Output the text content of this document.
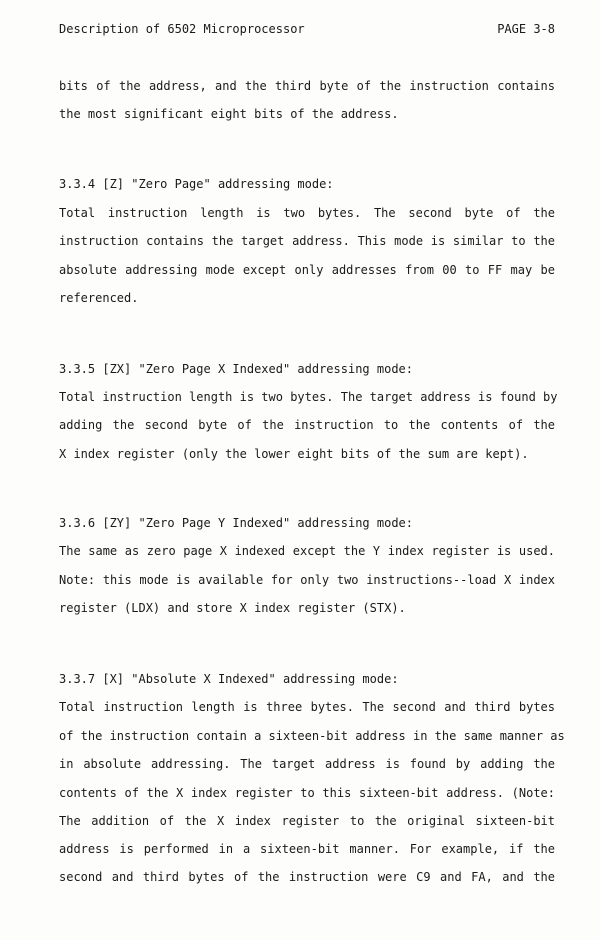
Description of 6502 Microprocessor	PAGE 3-8
bits of the address, and the third byte of the instruction contains
the most significant eight bits of the address.
3.3.4 [Z] "Zero Page" addressing mode:
Total instruction length is two bytes. The second byte of the
instruction contains the target address. This mode is similar to the
absolute addressing mode except only addresses from 00 to FF may be
referenced.
3.3.5 [ZX] "Zero Page X Indexed" addressing mode:
Total instruction length is two bytes. The target address is found by
adding the second byte of the instruction to the contents of the
X index register (only the lower eight bits of the sum are kept).
3.3.6 [ZY] "Zero Page Y Indexed" addressing mode:
The same as zero page X indexed except the Y index register is used.
Note: this mode is available for only two instructions--load X index
register (LDX) and store X index register (STX).
3.3.7 [X] "Absolute X Indexed" addressing mode:
Total instruction length is three bytes. The second and third bytes
of the instruction contain a sixteen-bit address in the same manner as
in absolute addressing. The target address is found by adding the
contents of the X index register to this sixteen-bit address. (Note:
The addition of the X index register to the original sixteen-bit
address is performed in a sixteen-bit manner. For example, if the
second and third bytes of the instruction were C9 and FA, and the
